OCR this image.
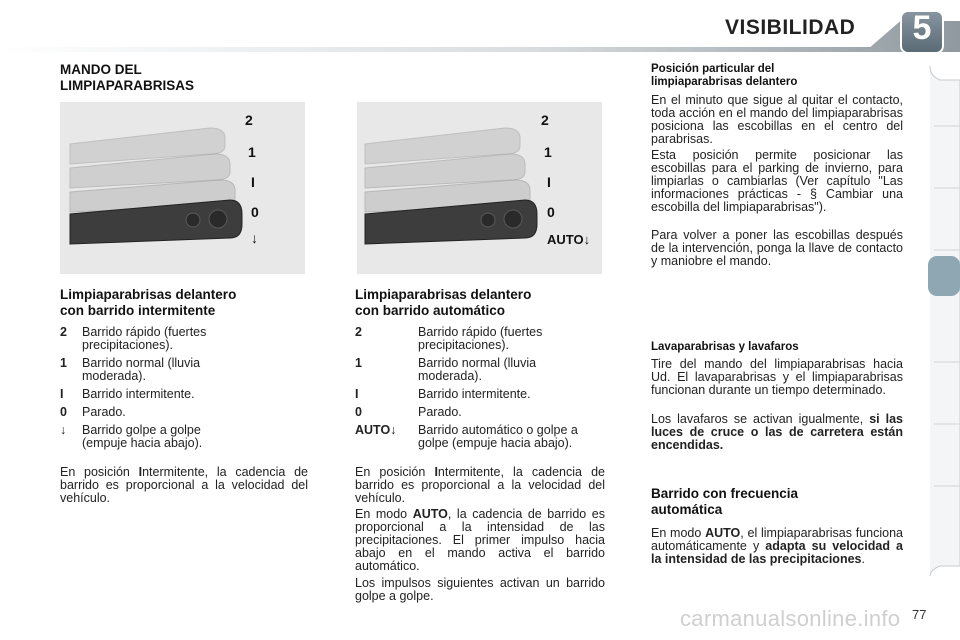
VISIBILIDAD	5
MANDO DEL
LIMPIAPARABRISAS
2
1
I
0
↓
Limpiaparabrisas delantero
con barrido intermitente
2	Barrido rápido (fuertes precipitaciones).
1	Barrido normal (lluvia moderada).
I	Barrido intermitente.
0	Parado.
↓	Barrido golpe a golpe (empuje hacia abajo).
En posición Intermitente, la cadencia de barrido es proporcional a la velocidad del vehículo.
2
1
I
0
AUTO↓
Limpiaparabrisas delantero
con barrido automático
2	Barrido rápido (fuertes precipitaciones).
1	Barrido normal (lluvia moderada).
I	Barrido intermitente.
0	Parado.
AUTO↓	Barrido automático o golpe a golpe (empuje hacia abajo).
En posición Intermitente, la cadencia de barrido es proporcional a la velocidad del vehículo.
En modo AUTO, la cadencia de barrido es proporcional a la intensidad de las precipitaciones. El primer impulso hacia abajo en el mando activa el barrido automático.
Los impulsos siguientes activan un barrido golpe a golpe.
Posición particular del
limpiaparabrisas delantero
En el minuto que sigue al quitar el contacto, toda acción en el mando del limpiaparabrisas posiciona las escobillas en el centro del parabrisas.
Esta posición permite posicionar las escobillas para el parking de invierno, para limpiarlas o cambiarlas (Ver capítulo "Las informaciones prácticas - § Cambiar una escobilla del limpiaparabrisas").
Para volver a poner las escobillas después de la intervención, ponga la llave de contacto y maniobre el mando.
Lavaparabrisas y lavafaros
Tire del mando del limpiaparabrisas hacia Ud. El lavaparabrisas y el limpiaparabrisas funcionan durante un tiempo determinado.
Los lavafaros se activan igualmente, si las luces de cruce o las de carretera están encendidas.
Barrido con frecuencia
automática
En modo AUTO, el limpiaparabrisas funciona automáticamente y adapta su velocidad a la intensidad de las precipitaciones.
carmanualsonline.info 77
